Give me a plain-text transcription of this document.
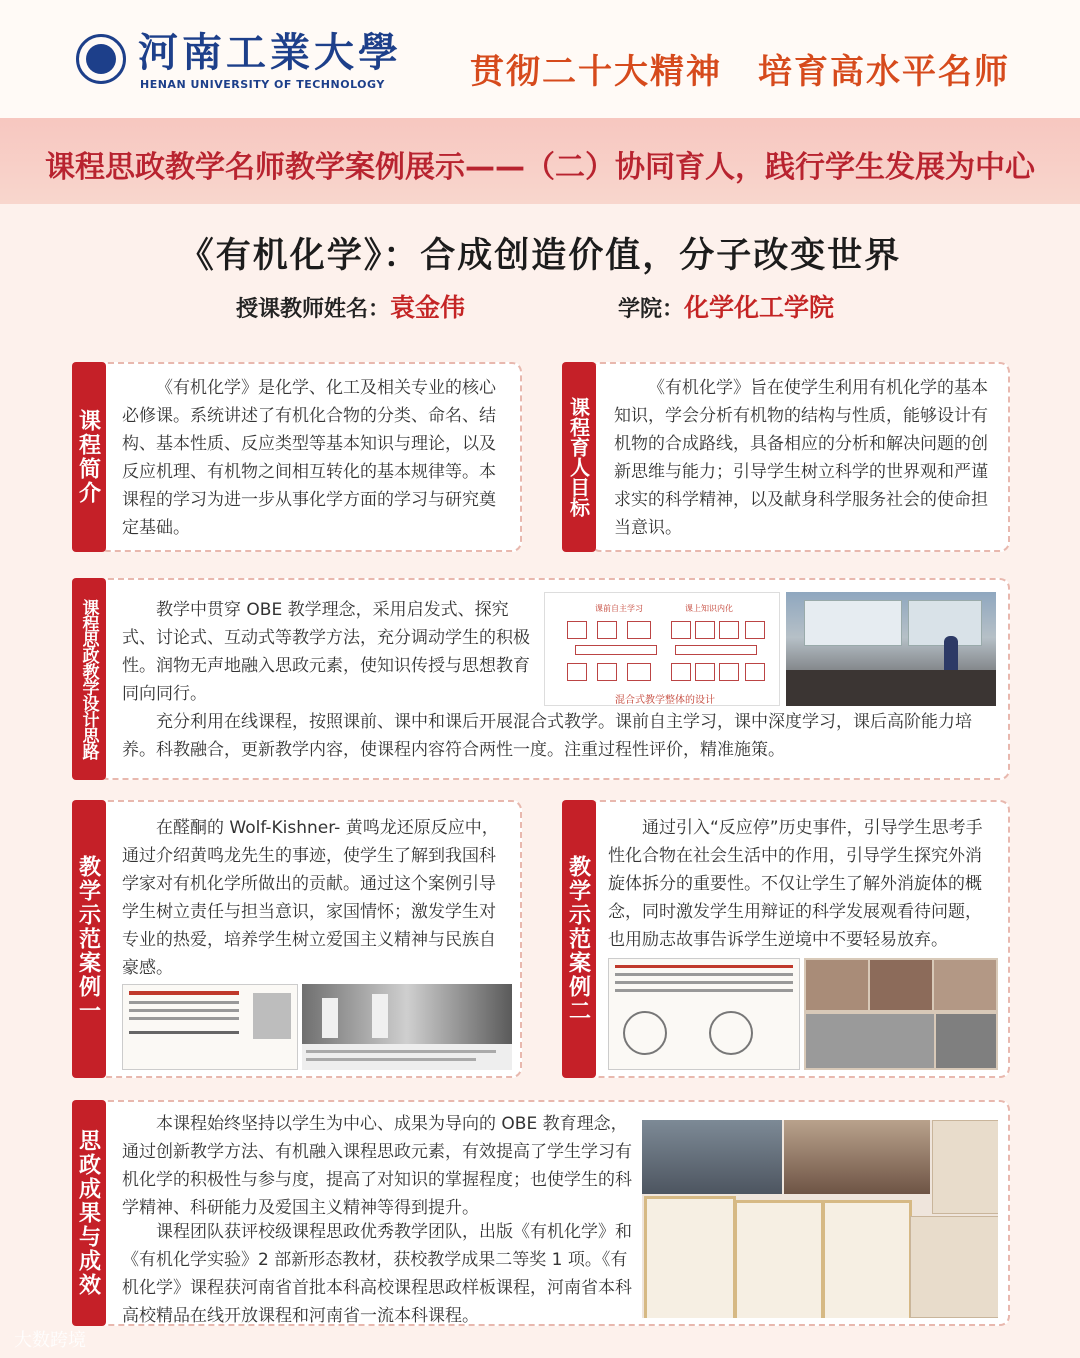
河南工業大學
HENAN UNIVERSITY OF TECHNOLOGY	贯彻二十大精神　培育高水平名师
课程思政教学名师教学案例展示——（二）协同育人，践行学生发展为中心
《有机化学》：合成创造价值，分子改变世界
授课教师姓名：袁金伟	学院：化学化工学院
课程简介
《有机化学》是化学、化工及相关专业的核心必修课。系统讲述了有机化合物的分类、命名、结构、基本性质、反应类型等基本知识与理论，以及反应机理、有机物之间相互转化的基本规律等。本课程的学习为进一步从事化学方面的学习与研究奠定基础。
课程育人目标
《有机化学》旨在使学生利用有机化学的基本知识，学会分析有机物的结构与性质，能够设计有机物的合成路线，具备相应的分析和解决问题的创新思维与能力；引导学生树立科学的世界观和严谨求实的科学精神，以及献身科学服务社会的使命担当意识。
课程思政教学设计思路	教学中贯穿 OBE 教学理念，采用启发式、探究式、讨论式、互动式等教学方法，充分调动学生的积极性。润物无声地融入思政元素，使知识传授与思想教育同向同行。
充分利用在线课程，按照课前、课中和课后开展混合式教学。课前自主学习，课中深度学习，课后高阶能力培养。科教融合，更新教学内容，使课程内容符合两性一度。注重过程性评价，精准施策。
课前自主学习	课上知识内化
混合式教学整体的设计
教学示范案例一
在醛酮的 Wolf-Kishner- 黄鸣龙还原反应中，通过介绍黄鸣龙先生的事迹，使学生了解到我国科学家对有机化学所做出的贡献。通过这个案例引导学生树立责任与担当意识，家国情怀；激发学生对专业的热爱，培养学生树立爱国主义精神与民族自豪感。	教学示范案例二
通过引入“反应停”历史事件，引导学生思考手性化合物在社会生活中的作用，引导学生探究外消旋体拆分的重要性。不仅让学生了解外消旋体的概念，同时激发学生用辩证的科学发展观看待问题，也用励志故事告诉学生逆境中不要轻易放弃。
思政成果与成效
本课程始终坚持以学生为中心、成果为导向的 OBE 教育理念，通过创新教学方法、有机融入课程思政元素，有效提高了学生学习有机化学的积极性与参与度，提高了对知识的掌握程度；也使学生的科学精神、科研能力及爱国主义精神等得到提升。
课程团队获评校级课程思政优秀教学团队，出版《有机化学》和《有机化学实验》2 部新形态教材，获校教学成果二等奖 1 项。《有机化学》课程获河南省首批本科高校课程思政样板课程，河南省本科高校精品在线开放课程和河南省一流本科课程。
大数跨境
